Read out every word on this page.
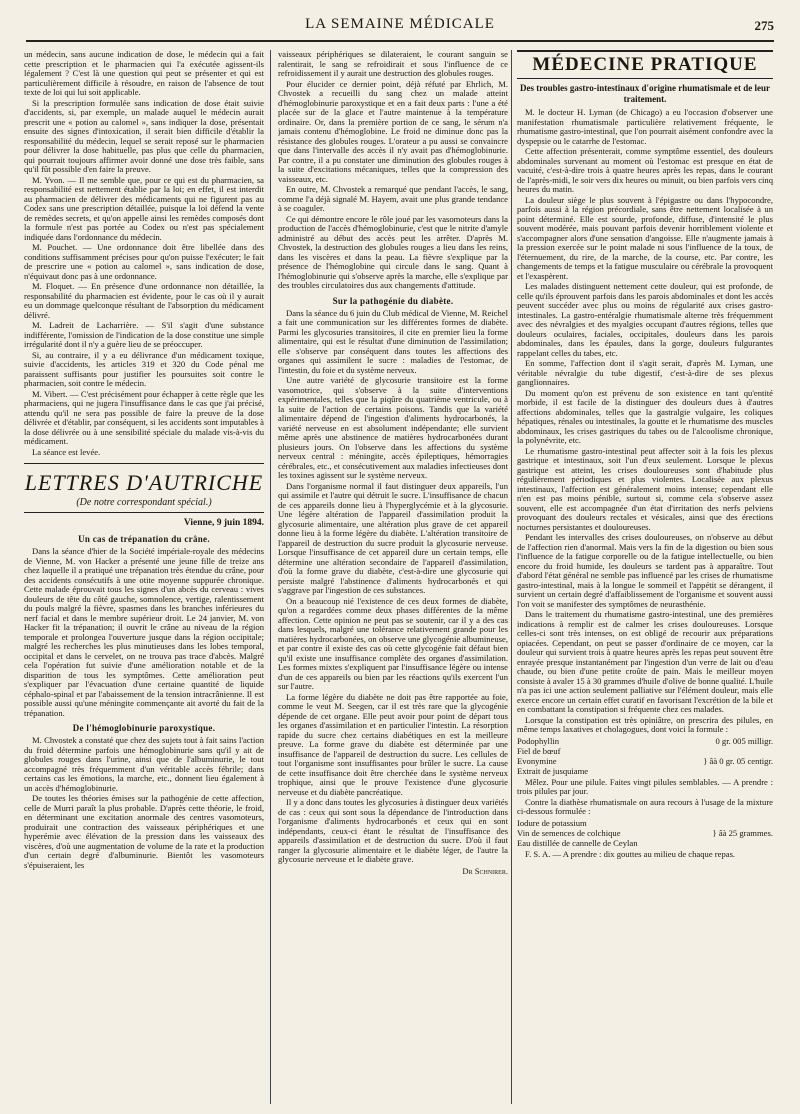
LA SEMAINE MÉDICALE	275

un médecin, sans aucune indication de dose, le médecin qui a fait cette prescription et le pharmacien qui l'a exécutée agissent-ils légalement ? C'est là une question qui peut se présenter et qui est particulièrement difficile à résoudre, en raison de l'absence de tout texte de loi qui lui soit applicable.

Si la prescription formulée sans indication de dose était suivie d'accidents, si, par exemple, un malade auquel le médecin aurait prescrit une « potion au calomel », sans indiquer la dose, présentait ensuite des signes d'intoxication, il serait bien difficile d'établir la responsabilité du médecin, lequel se serait reposé sur le pharmacien pour délivrer la dose habituelle, pas plus que celle du pharmacien, qui pourrait toujours affirmer avoir donné une dose très faible, sans qu'il fût possible d'en faire la preuve.

M. Yvon. — Il me semble que, pour ce qui est du pharmacien, sa responsabilité est nettement établie par la loi; en effet, il est interdit au pharmacien de délivrer des médicaments qui ne figurent pas au Codex sans une prescription détaillée, puisque la loi défend la vente de remèdes secrets, et qu'on appelle ainsi les remèdes composés dont la formule n'est pas portée au Codex ou n'est pas spécialement indiquée dans l'ordonnance du médecin.

M. Pouchet. — Une ordonnance doit être libellée dans des conditions suffisamment précises pour qu'on puisse l'exécuter; le fait de prescrire une « potion au calomel », sans indication de dose, n'équivaut donc pas à une ordonnance.

M. Floquet. — En présence d'une ordonnance non détaillée, la responsabilité du pharmacien est évidente, pour le cas où il y aurait eu un dommage quelconque résultant de l'absorption du médicament délivré.

M. Ladreit de Lacharrière. — S'il s'agit d'une substance indifférente, l'omission de l'indication de la dose constitue une simple irrégularité dont il n'y a guère lieu de se préoccuper.

Si, au contraire, il y a eu délivrance d'un médicament toxique, suivie d'accidents, les articles 319 et 320 du Code pénal me paraissent suffisants pour justifier les poursuites soit contre le pharmacien, soit contre le médecin.

M. Vibert. — C'est précisément pour échapper à cette règle que les pharmaciens, qui ne jugera l'insuffisance dans le cas que j'ai précisé, attendu qu'il ne sera pas possible de faire la preuve de la dose délivrée et d'établir, par conséquent, si les accidents sont imputables à la dose délivrée ou à une sensibilité spéciale du malade vis-à-vis du médicament.

La séance est levée.

LETTRES D'AUTRICHE
(De notre correspondant spécial.)
Vienne, 9 juin 1894.
Un cas de trépanation du crâne.

Dans la séance d'hier de la Société impériale-royale des médecins de Vienne, M. von Hacker a présenté une jeune fille de treize ans chez laquelle il a pratiqué une trépanation très étendue du crâne, pour des accidents consécutifs à une otite moyenne suppurée chronique. Cette malade éprouvait tous les signes d'un abcès du cerveau : vives douleurs de tête du côté gauche, somnolence, vertige, ralentissement du pouls malgré la fièvre, spasmes dans les branches inférieures du nerf facial et dans le membre supérieur droit. Le 24 janvier, M. von Hacker fit la trépanation; il ouvrit le crâne au niveau de la région temporale et prolongea l'ouverture jusque dans la région occipitale; malgré les recherches les plus minutieuses dans les lobes temporal, occipital et dans le cervelet, on ne trouva pas trace d'abcès. Malgré cela l'opération fut suivie d'une amélioration notable et de la disparition de tous les symptômes. Cette amélioration peut s'expliquer par l'évacuation d'une certaine quantité de liquide céphalo-spinal et par l'abaissement de la tension intracrânienne. Il est possible aussi qu'une méningite commençante ait avorté du fait de la trépanation.

De l'hémoglobinurie paroxystique.

M. Chvostek a constaté que chez des sujets tout à fait sains l'action du froid détermine parfois une hémoglobinurie sans qu'il y ait de globules rouges dans l'urine, ainsi que de l'albuminurie, le tout accompagné très fréquemment d'un véritable accès fébrile; dans certains cas les émotions, la marche, etc., donnent lieu également à un accès d'hémoglobinurie.

De toutes les théories émises sur la pathogénie de cette affection, celle de Murri paraît la plus probable. D'après cette théorie, le froid, en déterminant une excitation anormale des centres vasomoteurs, produirait une contraction des vaisseaux périphériques et une hyperémie avec élévation de la pression dans les vaisseaux des viscères, d'où une augmentation de volume de la rate et la production d'un certain degré d'albuminurie. Bientôt les vasomoteurs s'épuiseraient, les

vaisseaux périphériques se dilateraient, le courant sanguin se ralentirait, le sang se refroidirait et sous l'influence de ce refroidissement il y aurait une destruction des globules rouges.

Pour élucider ce dernier point, déjà réfuté par Ehrlich, M. Chvostek a recueilli du sang chez un malade atteint d'hémoglobinurie paroxystique et en a fait deux parts : l'une a été placée sur de la glace et l'autre maintenue à la température ordinaire. Or, dans la première portion de ce sang, le sérum n'a jamais contenu d'hémoglobine. Le froid ne diminue donc pas la résistance des globules rouges. L'orateur a pu aussi se convaincre que dans l'intervalle des accès il n'y avait pas d'hémoglobinurie. Par contre, il a pu constater une diminution des globules rouges à la suite d'excitations mécaniques, telles que la compression des vaisseaux, etc.

En outre, M. Chvostek a remarqué que pendant l'accès, le sang, comme l'a déjà signalé M. Hayem, avait une plus grande tendance à se coaguler.

Ce qui démontre encore le rôle joué par les vasomoteurs dans la production de l'accès d'hémoglobinurie, c'est que le nitrite d'amyle administré au début des accès peut les arrêter. D'après M. Chvostek, la destruction des globules rouges a lieu dans les reins, dans les viscères et dans la peau. La fièvre s'explique par la présence de l'hémoglobine qui circule dans le sang. Quant à l'hémoglobinurie qui s'observe après la marche, elle s'explique par des troubles circulatoires dus aux changements d'attitude.

Sur la pathogénie du diabète.

Dans la séance du 6 juin du Club médical de Vienne, M. Reichel a fait une communication sur les différentes formes de diabète. Parmi les glycosuries transitoires, il cite en premier lieu la forme alimentaire, qui est le résultat d'une diminution de l'assimilation; elle s'observe par conséquent dans toutes les affections des organes qui assimilent le sucre : maladies de l'estomac, de l'intestin, du foie et du système nerveux.

Une autre variété de glycosurie transitoire est la forme vasomotrice, qui s'observe à la suite d'interventions expérimentales, telles que la piqûre du quatrième ventricule, ou à la suite de l'action de certains poisons. Tandis que la variété alimentaire dépend de l'ingestion d'aliments hydrocarbonés, la variété nerveuse en est absolument indépendante; elle survient même après une abstinence de matières hydrocarbonées durant plusieurs jours. On l'observe dans les affections du système nerveux central : méningite, accès épileptiques, hémorragies cérébrales, etc., et consécutivement aux maladies infectieuses dont les toxines agissent sur le système nerveux.

Dans l'organisme normal il faut distinguer deux appareils, l'un qui assimile et l'autre qui détruit le sucre. L'insuffisance de chacun de ces appareils donne lieu à l'hyperglycémie et à la glycosurie. Une légère altération de l'appareil d'assimilation produit la glycosurie alimentaire, une altération plus grave de cet appareil donne lieu à la forme légère du diabète. L'altération transitoire de l'appareil de destruction du sucre produit la glycosurie nerveuse. Lorsque l'insuffisance de cet appareil dure un certain temps, elle détermine une altération secondaire de l'appareil d'assimilation, d'où la forme grave du diabète, c'est-à-dire une glycosurie qui persiste malgré l'abstinence d'aliments hydrocarbonés et qui s'aggrave par l'ingestion de ces substances.

On a beaucoup nié l'existence de ces deux formes de diabète, qu'on a regardées comme deux phases différentes de la même affection. Cette opinion ne peut pas se soutenir, car il y a des cas dans lesquels, malgré une tolérance relativement grande pour les matières hydrocarbonées, on observe une glycogénie albumineuse, et par contre il existe des cas où cette glycogénie fait défaut bien qu'il existe une insuffisance complète des organes d'assimilation. Les formes mixtes s'expliquent par l'insuffisance légère ou intense d'un de ces appareils ou bien par les réactions qu'ils exercent l'un sur l'autre.

La forme légère du diabète ne doit pas être rapportée au foie, comme le veut M. Seegen, car il est très rare que la glycogénie dépende de cet organe. Elle peut avoir pour point de départ tous les organes d'assimilation et en particulier l'intestin. La résorption rapide du sucre chez certains diabétiques en est la meilleure preuve. La forme grave du diabète est déterminée par une insuffisance de l'appareil de destruction du sucre. Les cellules de tout l'organisme sont insuffisantes pour brûler le sucre. La cause de cette insuffisance doit être cherchée dans le système nerveux trophique, ainsi que le prouve l'existence d'une glycosurie nerveuse et du diabète pancréatique.

Il y a donc dans toutes les glycosuries à distinguer deux variétés de cas : ceux qui sont sous la dépendance de l'introduction dans l'organisme d'aliments hydrocarbonés et ceux qui en sont indépendants, ceux-ci étant le résultat de l'insuffisance des appareils d'assimilation et de destruction du sucre. D'où il faut ranger la glycosurie alimentaire et le diabète léger, de l'autre la glycosurie nerveuse et le diabète grave.

Dr Schnirer.
MÉDECINE PRATIQUE
Des troubles gastro-intestinaux d'origine rhumatismale et de leur traitement.

M. le docteur H. Lyman (de Chicago) a eu l'occasion d'observer une manifestation rhumatismale particulière relativement fréquente, le rhumatisme gastro-intestinal, que l'on pourrait aisément confondre avec la dyspepsie ou le catarrhe de l'estomac.

Cette affection présenterait, comme symptôme essentiel, des douleurs abdominales survenant au moment où l'estomac est presque en état de vacuité, c'est-à-dire trois à quatre heures après les repas, dans le courant de l'après-midi, le soir vers dix heures ou minuit, ou bien parfois vers cinq heures du matin.

La douleur siège le plus souvent à l'épigastre ou dans l'hypocondre, parfois aussi à la région précordiale, sans être nettement localisée à un point déterminé. Elle est sourde, profonde, diffuse, d'intensité le plus souvent modérée, mais pouvant parfois devenir horriblement violente et s'accompagner alors d'une sensation d'angoisse. Elle n'augmente jamais à la pression exercée sur le point malade ni sous l'influence de la toux, de l'éternuement, du rire, de la marche, de la course, etc. Par contre, les changements de temps et la fatigue musculaire ou cérébrale la provoquent et l'exaspèrent.

Les malades distinguent nettement cette douleur, qui est profonde, de celle qu'ils éprouvent parfois dans les parois abdominales et dont les accès peuvent succéder avec plus ou moins de régularité aux crises gastro-intestinales. La gastro-entéralgie rhumatismale alterne très fréquemment avec des névralgies et des myalgies occupant d'autres régions, telles que douleurs oculaires, faciales, occipitales, douleurs dans les parois abdominales, dans les épaules, dans la gorge, douleurs fulgurantes rappelant celles du tabes, etc.

En somme, l'affection dont il s'agit serait, d'après M. Lyman, une véritable névralgie du tube digestif, c'est-à-dire de ses plexus ganglionnaires.

Du moment qu'on est prévenu de son existence en tant qu'entité morbide, il est facile de la distinguer des douleurs dues à d'autres affections abdominales, telles que la gastralgie vulgaire, les coliques hépatiques, rénales ou intestinales, la goutte et le rhumatisme des muscles abdominaux, les crises gastriques du tabes ou de l'alcoolisme chronique, la polynévrite, etc.

Le rhumatisme gastro-intestinal peut affecter soit à la fois les plexus gastrique et intestinaux, soit l'un d'eux seulement. Lorsque le plexus gastrique est atteint, les crises douloureuses sont d'habitude plus régulièrement périodiques et plus violentes. Localisée aux plexus intestinaux, l'affection est généralement moins intense; cependant elle n'en est pas moins pénible, surtout si, comme cela s'observe assez souvent, elle est accompagnée d'un état d'irritation des nerfs pelviens provoquant des douleurs rectales et vésicales, ainsi que des érections nocturnes persistantes et douloureuses.

Pendant les intervalles des crises douloureuses, on n'observe au début de l'affection rien d'anormal. Mais vers la fin de la digestion ou bien sous l'influence de la fatigue corporelle ou de la fatigue intellectuelle, ou bien encore du froid humide, les douleurs se tardent pas à apparaître. Tout d'abord l'état général ne semble pas influencé par les crises de rhumatisme gastro-intestinal, mais à la longue le sommeil et l'appétit se dérangent, il survient un certain degré d'affaiblissement de l'organisme et souvent aussi l'on voit se manifester des symptômes de neurasthénie.

Dans le traitement du rhumatisme gastro-intestinal, une des premières indications à remplir est de calmer les crises douloureuses. Lorsque celles-ci sont très intenses, on est obligé de recourir aux préparations opiacées. Cependant, on peut se passer d'ordinaire de ce moyen, car la douleur qui survient trois à quatre heures après les repas peut souvent être enrayée presque instantanément par l'ingestion d'un verre de lait ou d'eau chaude, ou bien d'une petite croûte de pain. Mais le meilleur moyen consiste à avaler 15 à 30 grammes d'huile d'olive de bonne qualité. L'huile n'a pas ici une action seulement palliative sur l'élément douleur, mais elle exerce encore un certain effet curatif en favorisant l'excrétion de la bile et en combattant la constipation si fréquente chez ces malades.

Lorsque la constipation est très opiniâtre, on prescrira des pilules, en même temps laxatives et cholagogues, dont voici la formule :

Podophyllin	0 gr. 005 milligr.
Fiel de bœuf	
Evonymine	} âà 0 gr. 05 centigr.
Extrait de jusquiame	

Mêlez. Pour une pilule. Faites vingt pilules semblables. — A prendre : trois pilules par jour.

Contre la diathèse rhumatismale on aura recours à l'usage de la mixture ci-dessous formulée :

Iodure de potassium	
Vin de semences de colchique	} âà 25 grammes.
Eau distillée de cannelle de Ceylan	

F. S. A. — A prendre : dix gouttes au milieu de chaque repas.
